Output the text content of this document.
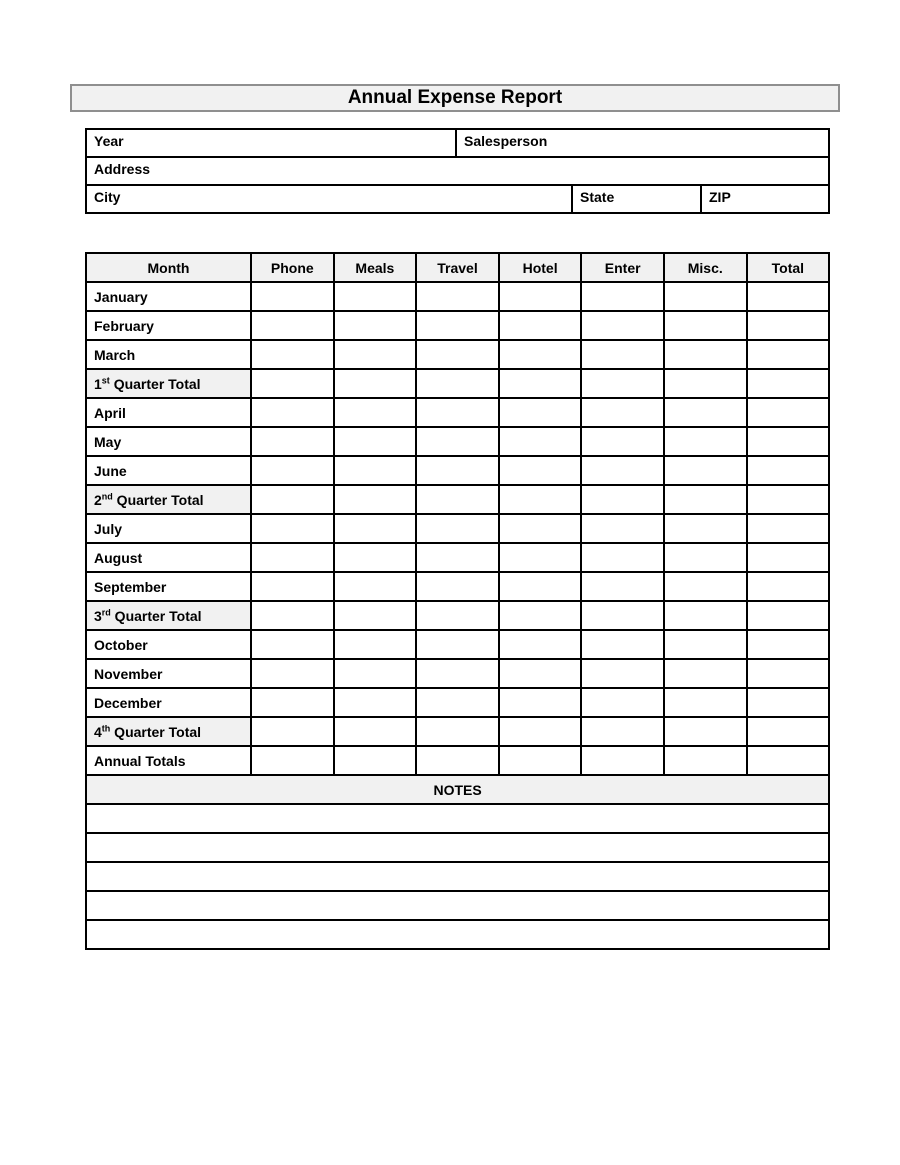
Annual Expense Report
Year	Salesperson		
Address			
City		State	ZIP
Month	Phone	Meals	Travel	Hotel	Enter	Misc.	Total
January							
February							
March							
1st Quarter Total							
April							
May							
June							
2nd Quarter Total							
July							
August							
September							
3rd Quarter Total							
October							
November							
December							
4th Quarter Total							
Annual Totals							
NOTES							
